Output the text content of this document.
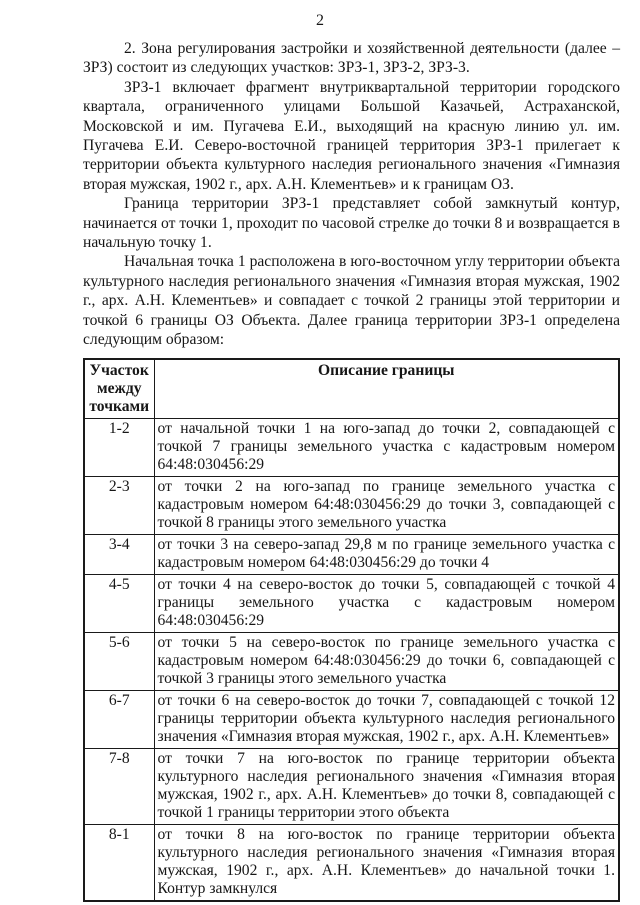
2

2. Зона регулирования застройки и хозяйственной деятельности (далее – ЗРЗ) состоит из следующих участков: ЗРЗ-1, ЗРЗ-2, ЗРЗ-3.

ЗРЗ-1 включает фрагмент внутриквартальной территории городского квартала, ограниченного улицами Большой Казачьей, Астраханской, Московской и им. Пугачева Е.И., выходящий на красную линию ул. им. Пугачева Е.И. Северо-восточной границей территория ЗРЗ-1 прилегает к территории объекта культурного наследия регионального значения «Гимназия вторая мужская, 1902 г., арх. А.Н. Клементьев» и к границам ОЗ.

Граница территории ЗРЗ-1 представляет собой замкнутый контур, начинается от точки 1, проходит по часовой стрелке до точки 8 и возвращается в начальную точку 1.

Начальная точка 1 расположена в юго-восточном углу территории объекта культурного наследия регионального значения «Гимназия вторая мужская, 1902 г., арх. А.Н. Клементьев» и совпадает с точкой 2 границы этой территории и точкой 6 границы ОЗ Объекта. Далее граница территории ЗРЗ-1 определена следующим образом:

Участок между точками	Описание границы
1-2	от начальной точки 1 на юго-запад до точки 2, совпадающей с точкой 7 границы земельного участка с кадастровым номером 64:48:030456:29
2-3	от точки 2 на юго-запад по границе земельного участка с кадастровым номером 64:48:030456:29 до точки 3, совпадающей с точкой 8 границы этого земельного участка
3-4	от точки 3 на северо-запад 29,8 м по границе земельного участка с кадастровым номером 64:48:030456:29 до точки 4
4-5	от точки 4 на северо-восток до точки 5, совпадающей с точкой 4 границы земельного участка с кадастровым номером 64:48:030456:29
5-6	от точки 5 на северо-восток по границе земельного участка с кадастровым номером 64:48:030456:29 до точки 6, совпадающей с точкой 3 границы этого земельного участка
6-7	от точки 6 на северо-восток до точки 7, совпадающей с точкой 12 границы территории объекта культурного наследия регионального значения «Гимназия вторая мужская, 1902 г., арх. А.Н. Клементьев»
7-8	от точки 7 на юго-восток по границе территории объекта культурного наследия регионального значения «Гимназия вторая мужская, 1902 г., арх. А.Н. Клементьев» до точки 8, совпадающей с точкой 1 границы территории этого объекта
8-1	от точки 8 на юго-восток по границе территории объекта культурного наследия регионального значения «Гимназия вторая мужская, 1902 г., арх. А.Н. Клементьев» до начальной точки 1. Контур замкнулся
